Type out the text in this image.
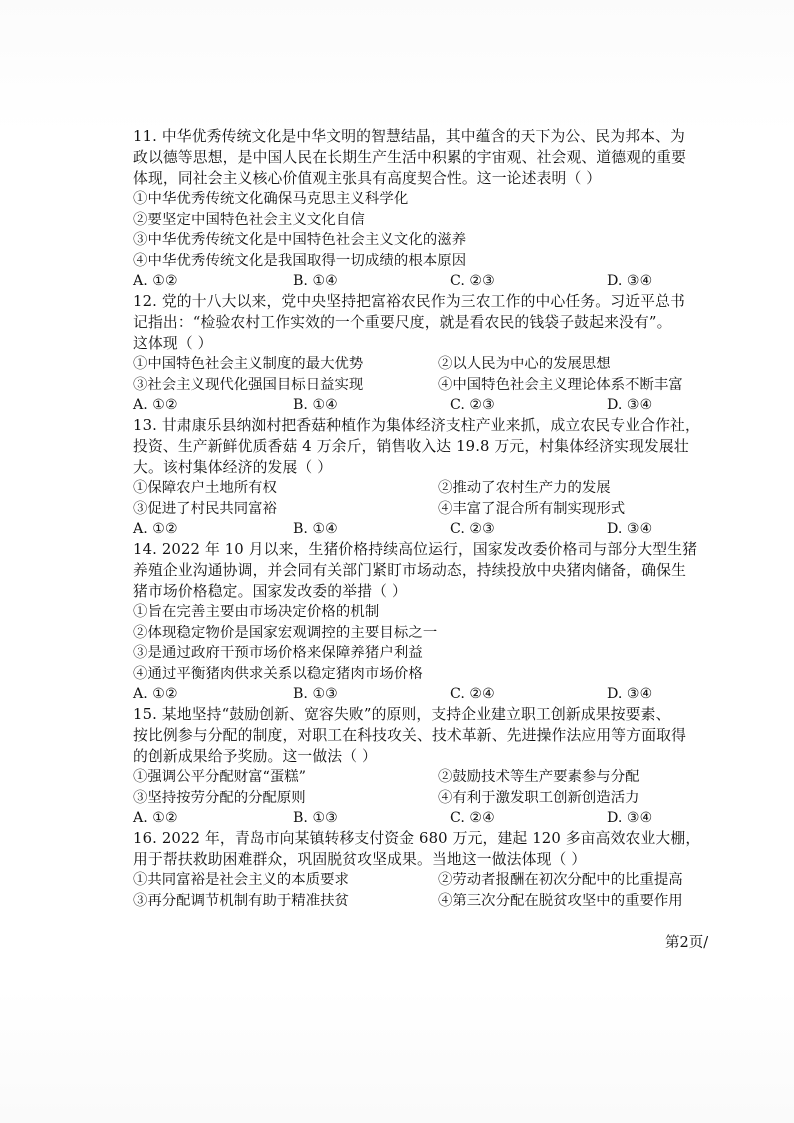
11. 中华优秀传统文化是中华文明的智慧结晶，其中蕴含的天下为公、民为邦本、为
政以德等思想，是中国人民在长期生产生活中积累的宇宙观、社会观、道德观的重要
体现，同社会主义核心价值观主张具有高度契合性。这一论述表明（ ）
①中华优秀传统文化确保马克思主义科学化
②要坚定中国特色社会主义文化自信
③中华优秀传统文化是中国特色社会主义文化的滋养
④中华优秀传统文化是我国取得一切成绩的根本原因
A. ①②	B. ①④	C. ②③	D. ③④
12. 党的十八大以来，党中央坚持把富裕农民作为三农工作的中心任务。习近平总书
记指出：“检验农村工作实效的一个重要尺度，就是看农民的钱袋子鼓起来没有”。
这体现（ ）
①中国特色社会主义制度的最大优势	②以人民为中心的发展思想
③社会主义现代化强国目标日益实现	④中国特色社会主义理论体系不断丰富
A. ①②	B. ①④	C. ②③	D. ③④
13. 甘肃康乐县纳洳村把香菇种植作为集体经济支柱产业来抓，成立农民专业合作社，
投资、生产新鲜优质香菇 4 万余斤，销售收入达 19.8 万元，村集体经济实现发展壮
大。该村集体经济的发展（ ）
①保障农户土地所有权	②推动了农村生产力的发展
③促进了村民共同富裕	④丰富了混合所有制实现形式
A. ①②	B. ①④	C. ②③	D. ③④
14. 2022 年 10 月以来，生猪价格持续高位运行，国家发改委价格司与部分大型生猪
养殖企业沟通协调，并会同有关部门紧盯市场动态，持续投放中央猪肉储备，确保生
猪市场价格稳定。国家发改委的举措（ ）
①旨在完善主要由市场决定价格的机制
②体现稳定物价是国家宏观调控的主要目标之一
③是通过政府干预市场价格来保障养猪户利益
④通过平衡猪肉供求关系以稳定猪肉市场价格
A. ①②	B. ①③	C. ②④	D. ③④
15. 某地坚持“鼓励创新、宽容失败”的原则，支持企业建立职工创新成果按要素、
按比例参与分配的制度，对职工在科技攻关、技术革新、先进操作法应用等方面取得
的创新成果给予奖励。这一做法（ ）
①强调公平分配财富“蛋糕”	②鼓励技术等生产要素参与分配
③坚持按劳分配的分配原则	④有利于激发职工创新创造活力
A. ①②	B. ①③	C. ②④	D. ③④
16. 2022 年，青岛市向某镇转移支付资金 680 万元，建起 120 多亩高效农业大棚，
用于帮扶救助困难群众，巩固脱贫攻坚成果。当地这一做法体现（ ）
①共同富裕是社会主义的本质要求	②劳动者报酬在初次分配中的比重提高
③再分配调节机制有助于精准扶贫	④第三次分配在脱贫攻坚中的重要作用
第2页/
